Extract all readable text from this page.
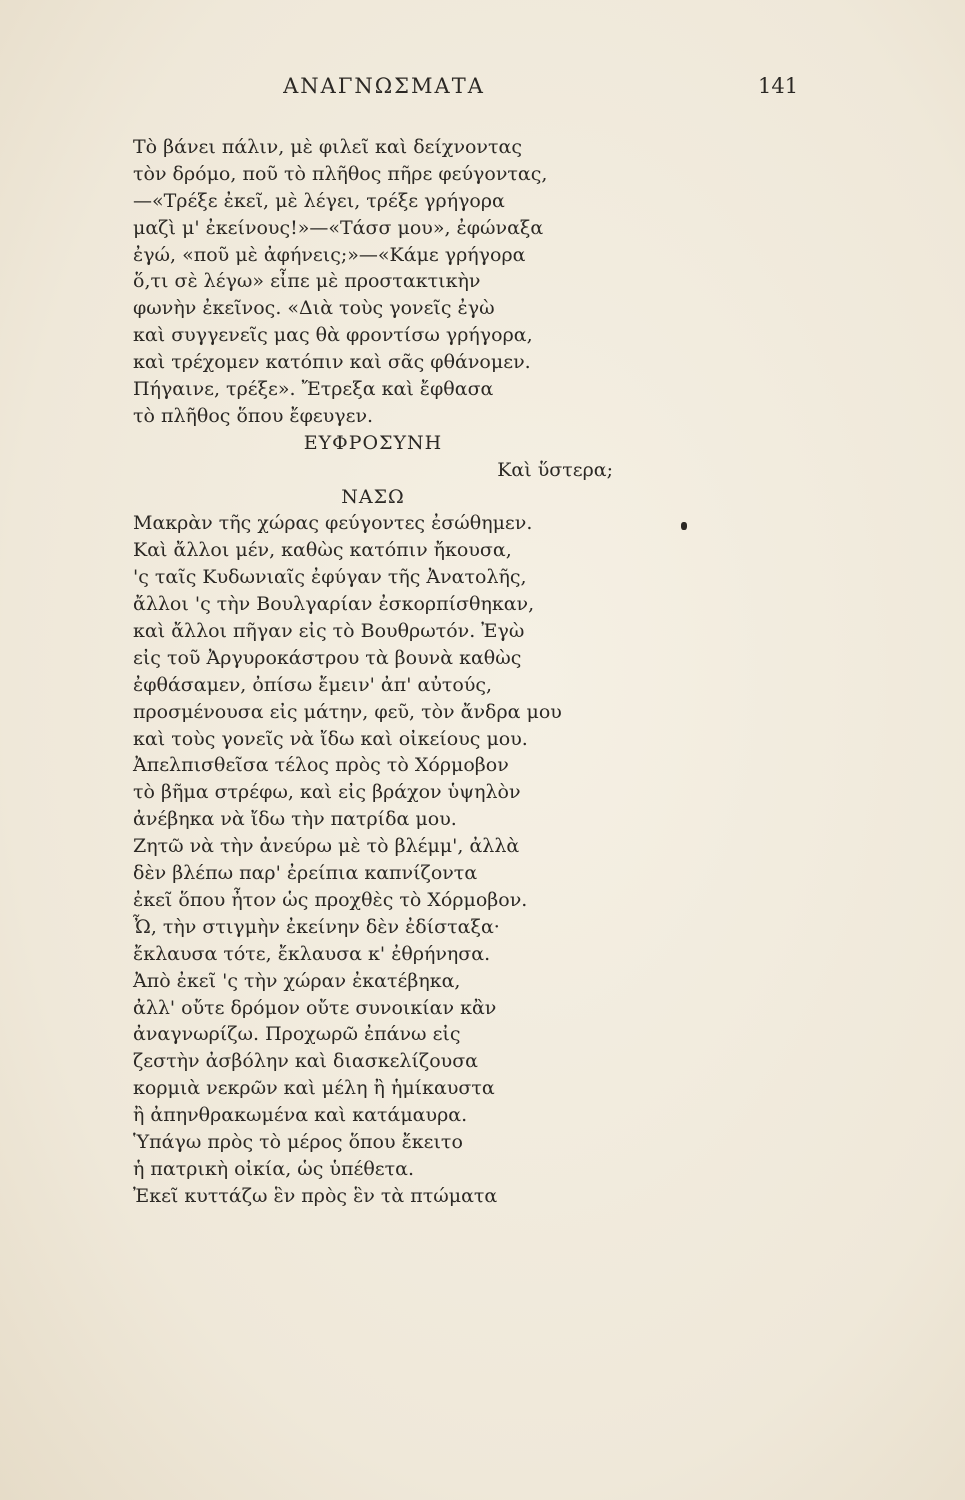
ΑΝΑΓΝΩΣΜΑΤΑ	141
Τὸ βάνει πάλιν, μὲ φιλεῖ καὶ δείχνοντας
τὸν δρόμο, ποῦ τὸ πλῆθος πῆρε φεύγοντας,
—«Τρέξε ἐκεῖ, μὲ λέγει, τρέξε γρήγορα
μαζὶ μ' ἐκείνους!»—«Τάσσ μου», ἐφώναξα
ἐγώ, «ποῦ μὲ ἀφήνεις;»—«Κάμε γρήγορα
ὅ,τι σὲ λέγω» εἶπε μὲ προστακτικὴν
φωνὴν ἐκεῖνος. «Διὰ τοὺς γονεῖς ἐγὼ
καὶ συγγενεῖς μας θὰ φροντίσω γρήγορα,
καὶ τρέχομεν κατόπιν καὶ σᾶς φθάνομεν.
Πήγαινε, τρέξε». Ἔτρεξα καὶ ἔφθασα
τὸ πλῆθος ὅπου ἔφευγεν.
ΕΥΦΡΟΣΥΝΗ
Καὶ ὕστερα;
ΝΑΣΩ
Μακρὰν τῆς χώρας φεύγοντες ἐσώθημεν.
Καὶ ἄλλοι μέν, καθὼς κατόπιν ἤκουσα,
'ς ταῖς Κυδωνιαῖς ἐφύγαν τῆς Ἀνατολῆς,
ἄλλοι 'ς τὴν Βουλγαρίαν ἐσκορπίσθηκαν,
καὶ ἄλλοι πῆγαν εἰς τὸ Βουθρωτόν. Ἐγὼ
εἰς τοῦ Ἀργυροκάστρου τὰ βουνὰ καθὼς
ἐφθάσαμεν, ὀπίσω ἔμειν' ἀπ' αὐτούς,
προσμένουσα εἰς μάτην, φεῦ, τὸν ἄνδρα μου
καὶ τοὺς γονεῖς νὰ ἴδω καὶ οἰκείους μου.
Ἀπελπισθεῖσα τέλος πρὸς τὸ Χόρμοβον
τὸ βῆμα στρέφω, καὶ εἰς βράχον ὑψηλὸν
ἀνέβηκα νὰ ἴδω τὴν πατρίδα μου.
Ζητῶ νὰ τὴν ἀνεύρω μὲ τὸ βλέμμ', ἀλλὰ
δὲν βλέπω παρ' ἐρείπια καπνίζοντα
ἐκεῖ ὅπου ἦτον ὡς προχθὲς τὸ Χόρμοβον.
Ὦ, τὴν στιγμὴν ἐκείνην δὲν ἐδίσταξα·
ἔκλαυσα τότε, ἔκλαυσα κ' ἐθρήνησα.
Ἀπὸ ἐκεῖ 'ς τὴν χώραν ἐκατέβηκα,
ἀλλ' οὔτε δρόμον οὔτε συνοικίαν κἂν
ἀναγνωρίζω. Προχωρῶ ἐπάνω εἰς
ζεστὴν ἀσβόλην καὶ διασκελίζουσα
κορμιὰ νεκρῶν καὶ μέλη ἢ ἡμίκαυστα
ἢ ἀπηνθρακωμένα καὶ κατάμαυρα.
Ὑπάγω πρὸς τὸ μέρος ὅπου ἔκειτο
ἡ πατρικὴ οἰκία, ὡς ὑπέθετα.
Ἐκεῖ κυττάζω ἓν πρὸς ἓν τὰ πτώματα
